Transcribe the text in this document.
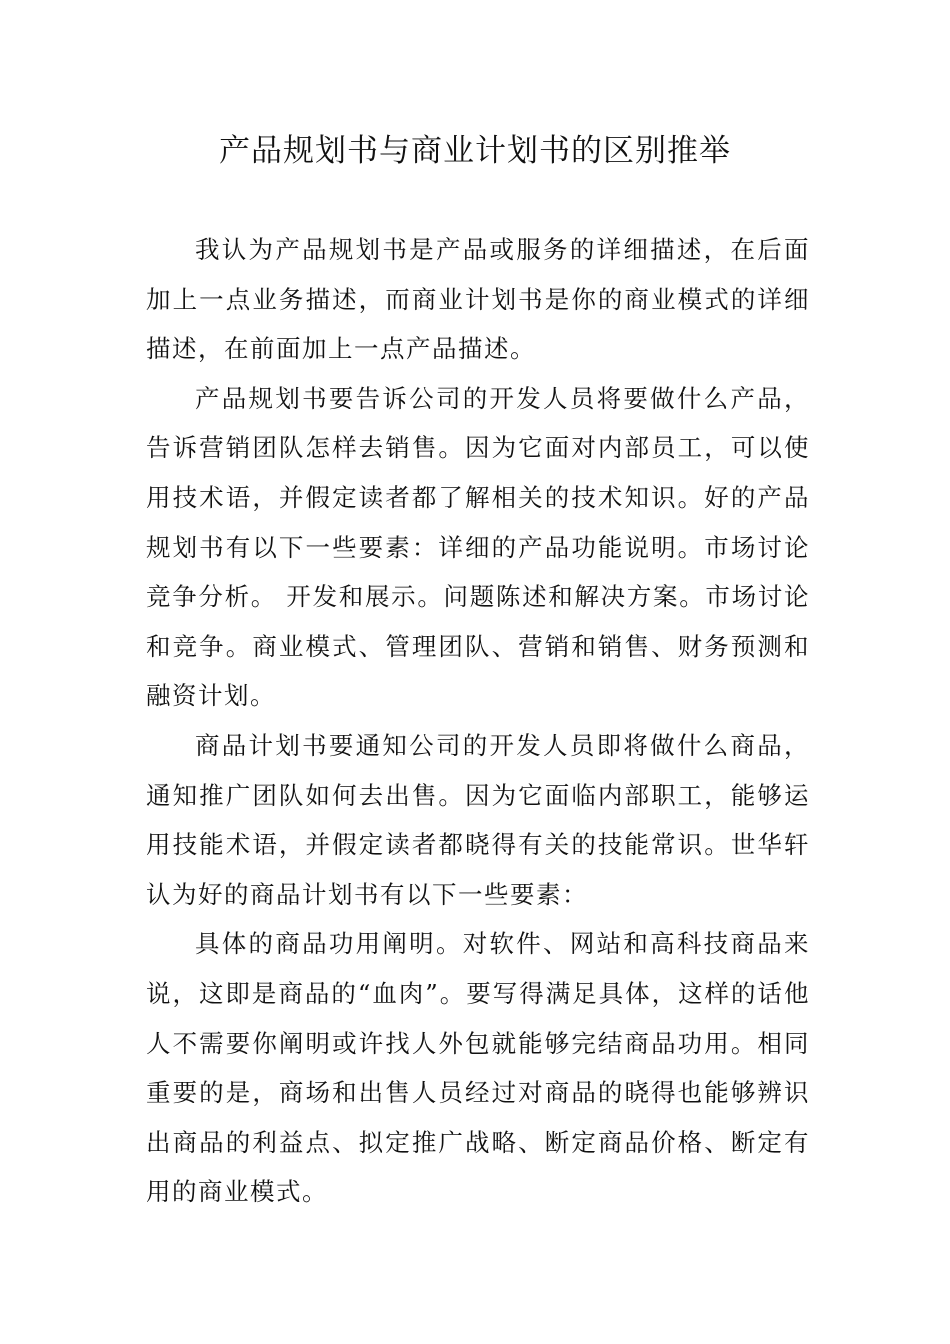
产品规划书与商业计划书的区别推举

我认为产品规划书是产品或服务的详细描述，在后面加上一点业务描述，而商业计划书是你的商业模式的详细描述，在前面加上一点产品描述。

产品规划书要告诉公司的开发人员将要做什么产品，告诉营销团队怎样去销售。因为它面对内部员工，可以使用技术语，并假定读者都了解相关的技术知识。好的产品规划书有以下一些要素：详细的产品功能说明。市场讨论竞争分析。 开发和展示。问题陈述和解决方案。市场讨论和竞争。商业模式、管理团队、营销和销售、财务预测和融资计划。

商品计划书要通知公司的开发人员即将做什么商品，通知推广团队如何去出售。因为它面临内部职工，能够运用技能术语，并假定读者都晓得有关的技能常识。世华轩认为好的商品计划书有以下一些要素：

具体的商品功用阐明。对软件、网站和高科技商品来说，这即是商品的“血肉”。要写得满足具体，这样的话他人不需要你阐明或许找人外包就能够完结商品功用。相同重要的是，商场和出售人员经过对商品的晓得也能够辨识出商品的利益点、拟定推广战略、断定商品价格、断定有用的商业模式。
